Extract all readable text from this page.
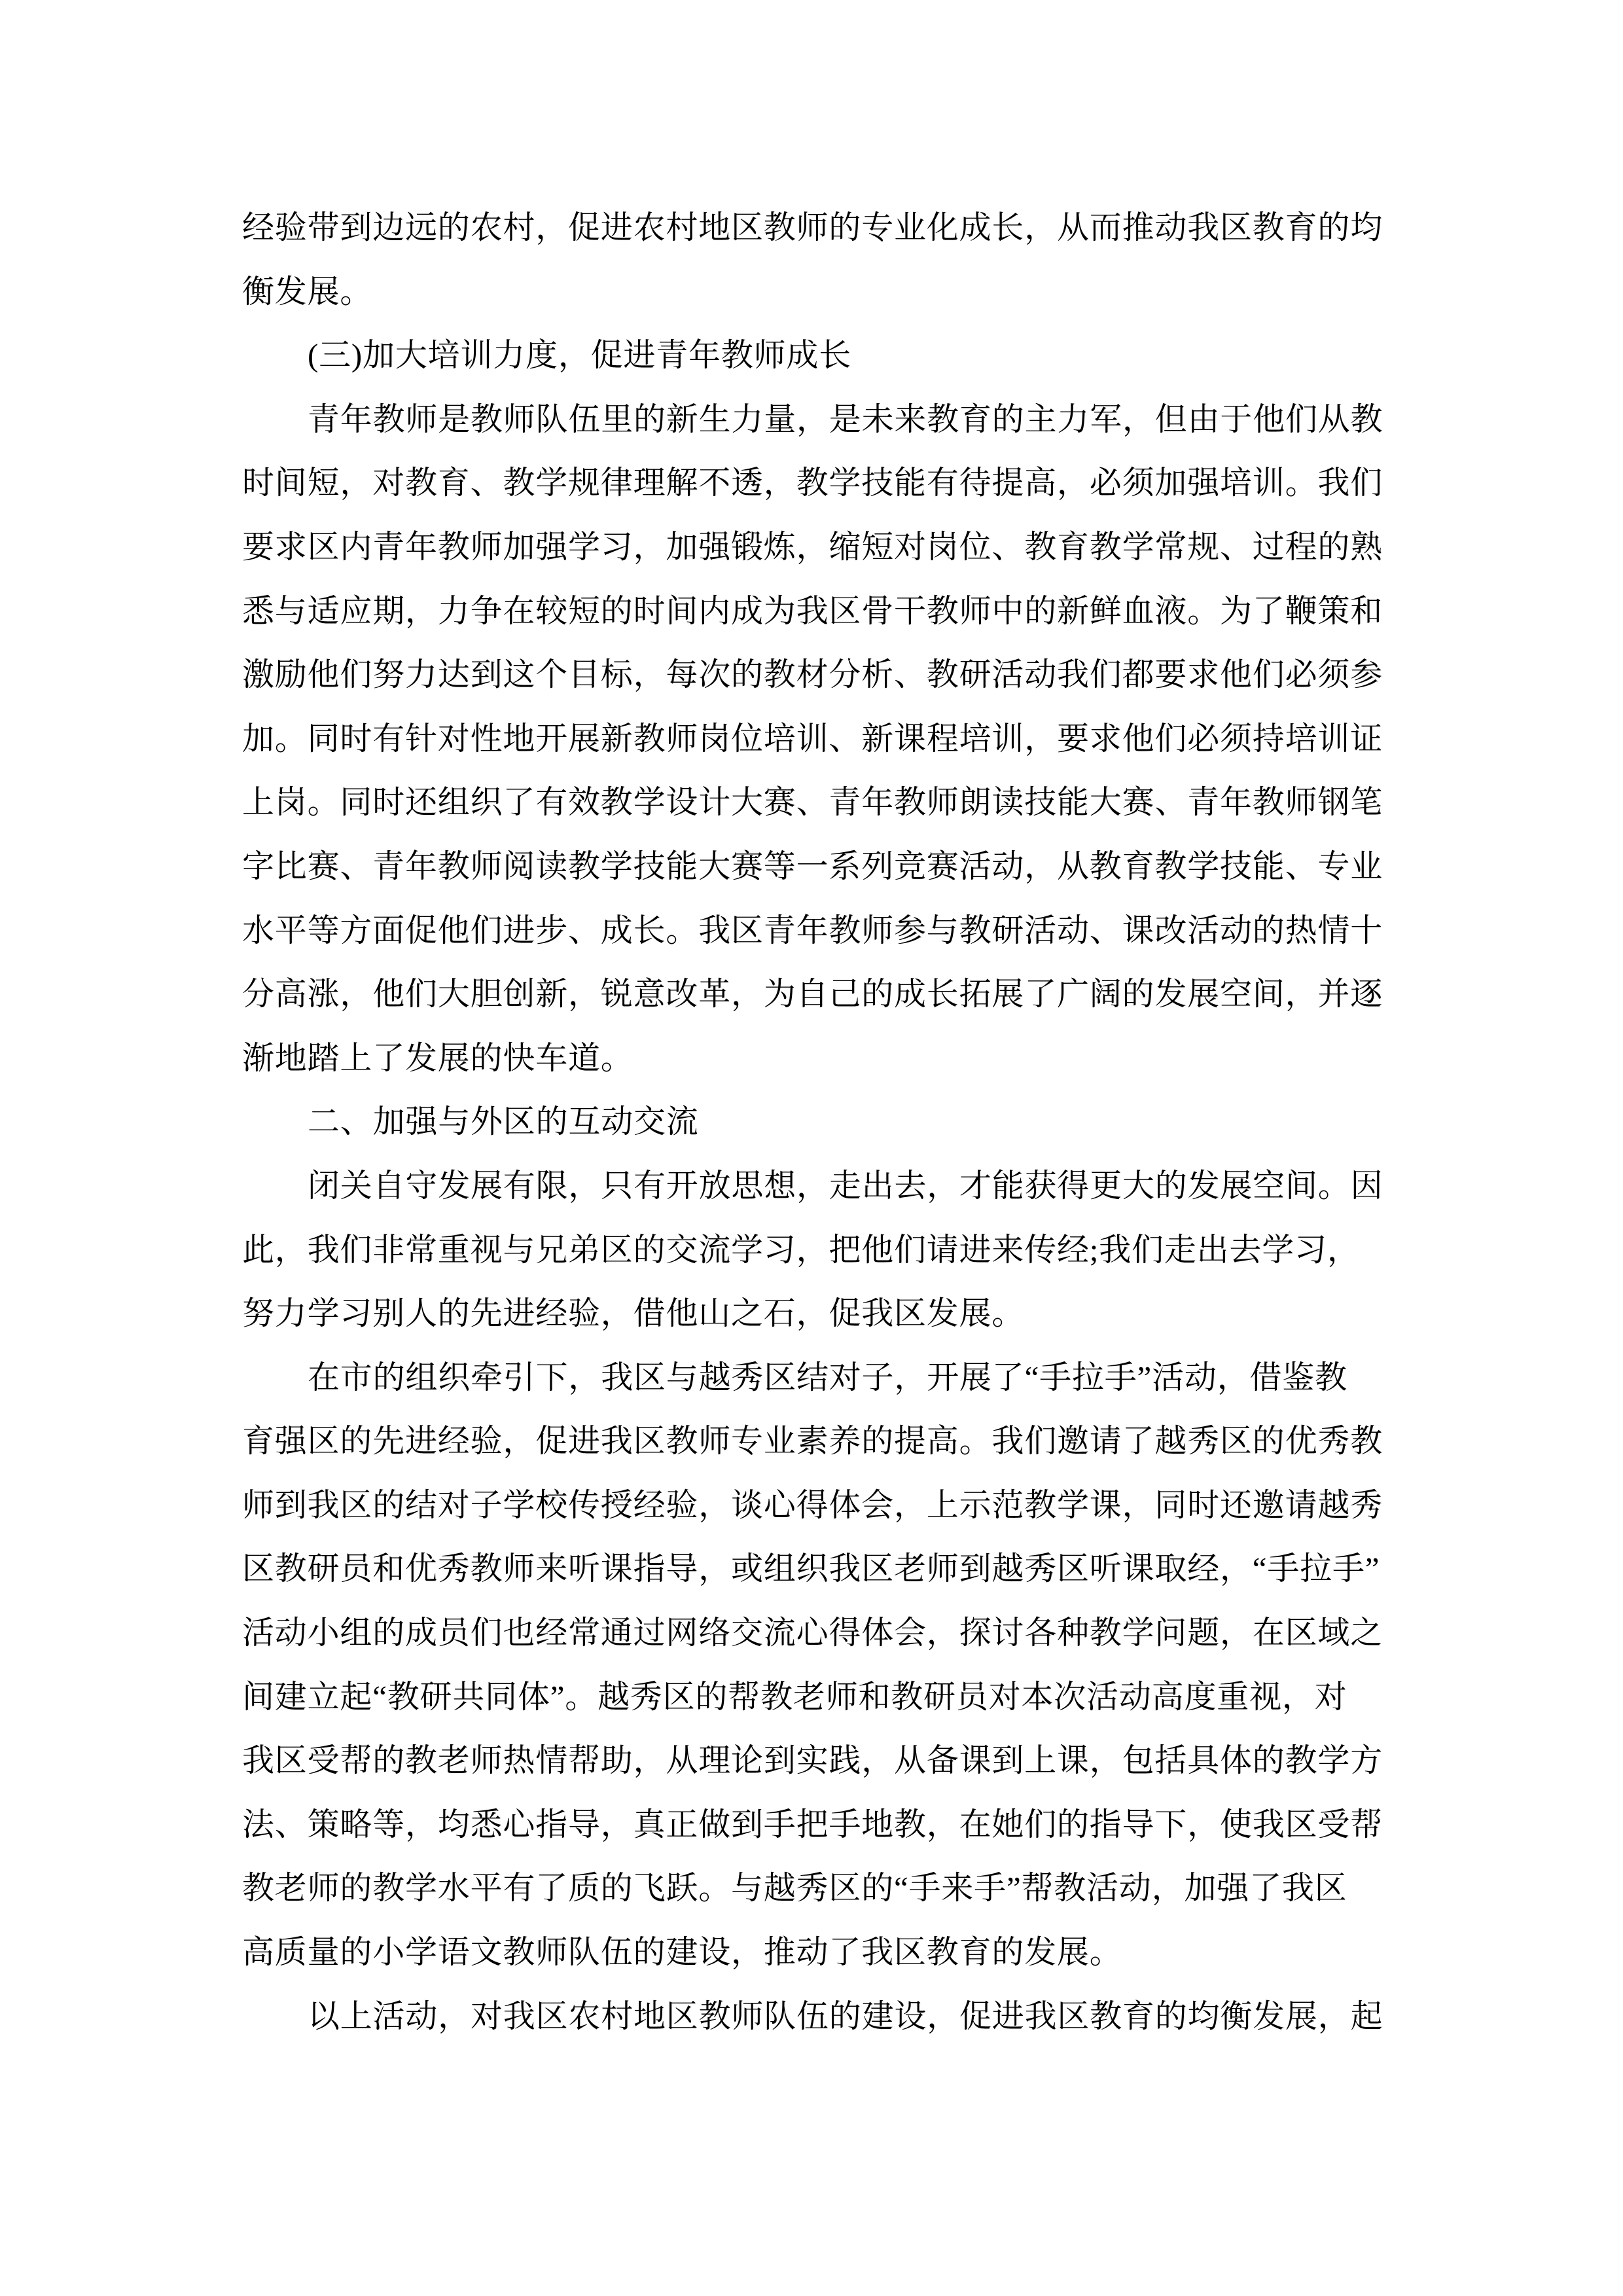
经验带到边远的农村，促进农村地区教师的专业化成长，从而推动我区教育的均
衡发展。
(三)加大培训力度，促进青年教师成长
青年教师是教师队伍里的新生力量，是未来教育的主力军，但由于他们从教
时间短，对教育、教学规律理解不透，教学技能有待提高，必须加强培训。我们
要求区内青年教师加强学习，加强锻炼，缩短对岗位、教育教学常规、过程的熟
悉与适应期，力争在较短的时间内成为我区骨干教师中的新鲜血液。为了鞭策和
激励他们努力达到这个目标，每次的教材分析、教研活动我们都要求他们必须参
加。同时有针对性地开展新教师岗位培训、新课程培训，要求他们必须持培训证
上岗。同时还组织了有效教学设计大赛、青年教师朗读技能大赛、青年教师钢笔
字比赛、青年教师阅读教学技能大赛等一系列竞赛活动，从教育教学技能、专业
水平等方面促他们进步、成长。我区青年教师参与教研活动、课改活动的热情十
分高涨，他们大胆创新，锐意改革，为自己的成长拓展了广阔的发展空间，并逐
渐地踏上了发展的快车道。
二、加强与外区的互动交流
闭关自守发展有限，只有开放思想，走出去，才能获得更大的发展空间。因
此，我们非常重视与兄弟区的交流学习，把他们请进来传经;我们走出去学习，
努力学习别人的先进经验，借他山之石，促我区发展。
在市的组织牵引下，我区与越秀区结对子，开展了“手拉手”活动，借鉴教
育强区的先进经验，促进我区教师专业素养的提高。我们邀请了越秀区的优秀教
师到我区的结对子学校传授经验，谈心得体会，上示范教学课，同时还邀请越秀
区教研员和优秀教师来听课指导，或组织我区老师到越秀区听课取经，“手拉手”
活动小组的成员们也经常通过网络交流心得体会，探讨各种教学问题，在区域之
间建立起“教研共同体”。越秀区的帮教老师和教研员对本次活动高度重视，对
我区受帮的教老师热情帮助，从理论到实践，从备课到上课，包括具体的教学方
法、策略等，均悉心指导，真正做到手把手地教，在她们的指导下，使我区受帮
教老师的教学水平有了质的飞跃。与越秀区的“手来手”帮教活动，加强了我区
高质量的小学语文教师队伍的建设，推动了我区教育的发展。
以上活动，对我区农村地区教师队伍的建设，促进我区教育的均衡发展，起
